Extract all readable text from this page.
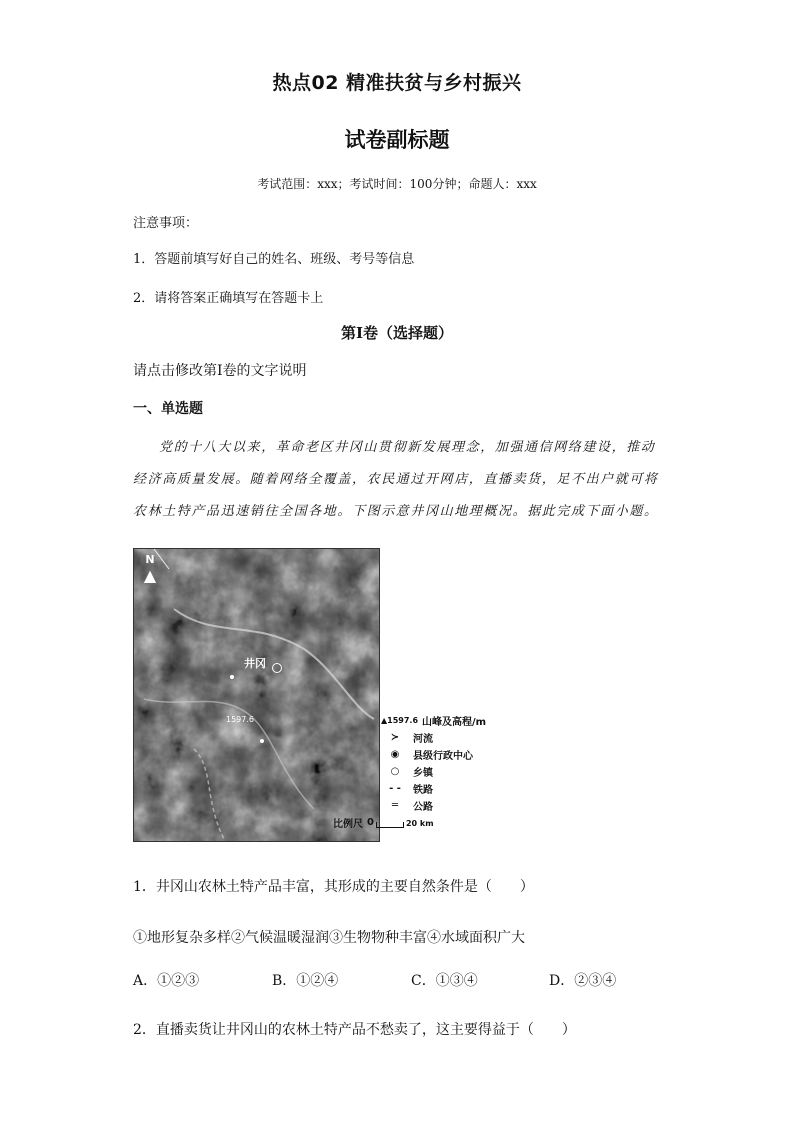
热点02 精准扶贫与乡村振兴
试卷副标题
考试范围：xxx；考试时间：100分钟；命题人：xxx
注意事项：
1．答题前填写好自己的姓名、班级、考号等信息
2．请将答案正确填写在答题卡上
第I卷（选择题）
请点击修改第I卷的文字说明
一、单选题
党的十八大以来，革命老区井冈山贯彻新发展理念，加强通信网络建设，推动经济高质量发展。随着网络全覆盖，农民通过开网店，直播卖货，足不出户就可将农林土特产品迅速销往全国各地。下图示意井冈山地理概况。据此完成下面小题。
N
▲
井冈
1597.6	▲1597.6 山峰及高程/m
≻	河流
◉	县级行政中心
○	乡镇
- -	铁路
═	公路
比例尺 0	20 km
1．井冈山农林土特产品丰富，其形成的主要自然条件是（　　）
①地形复杂多样②气候温暖湿润③生物物种丰富④水域面积广大
A．①②③	B．①②④	C．①③④	D．②③④
2．直播卖货让井冈山的农林土特产品不愁卖了，这主要得益于（　　）
